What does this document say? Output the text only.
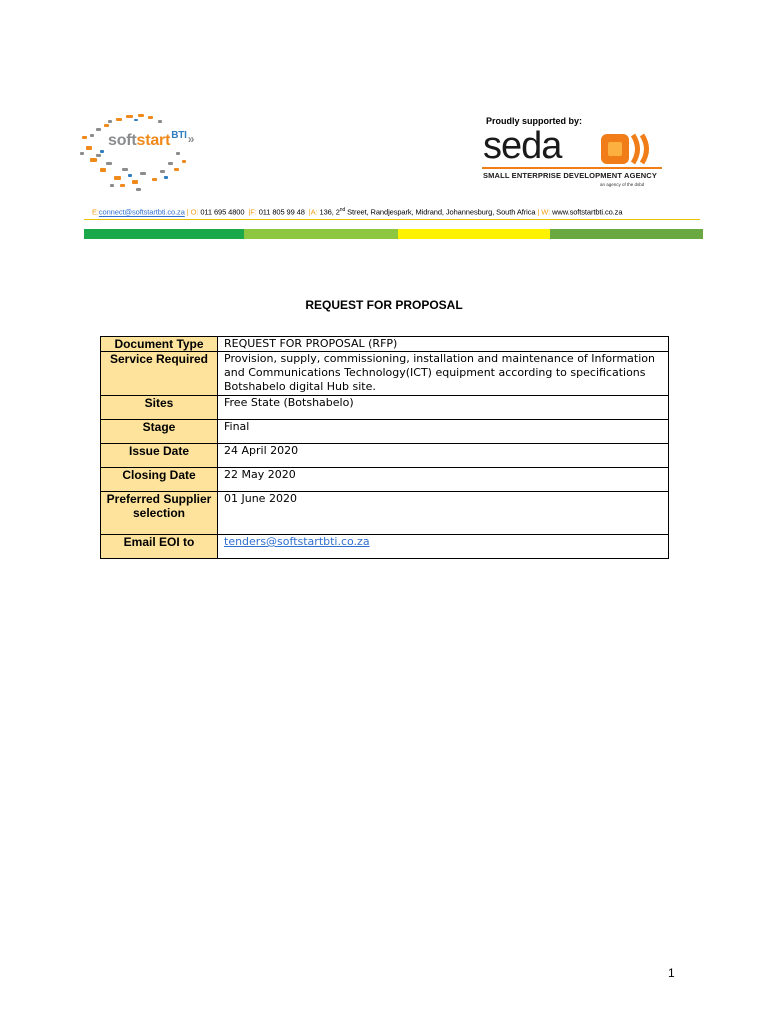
softstart$^{BTI}$»
Proudly supported by:
seda
SMALL ENTERPRISE DEVELOPMENT AGENCY
an agency of the dsbd
E:connect@softstartbti.co.za | O: 011 695 4800 |F: 011 805 99 48 |A: 136, 2nd Street, Randjespark, Midrand, Johannesburg, South Africa | W: www.softstartbti.co.za
REQUEST FOR PROPOSAL
Document Type	REQUEST FOR PROPOSAL (RFP)
Service Required	Provision, supply, commissioning, installation and maintenance of Information and Communications Technology(ICT) equipment according to specifications Botshabelo digital Hub site.
Sites	Free State (Botshabelo)
Stage	Final
Issue Date	24 April 2020
Closing Date	22 May 2020
Preferred Supplier selection	01 June 2020
Email EOI to	tenders@softstartbti.co.za
1
